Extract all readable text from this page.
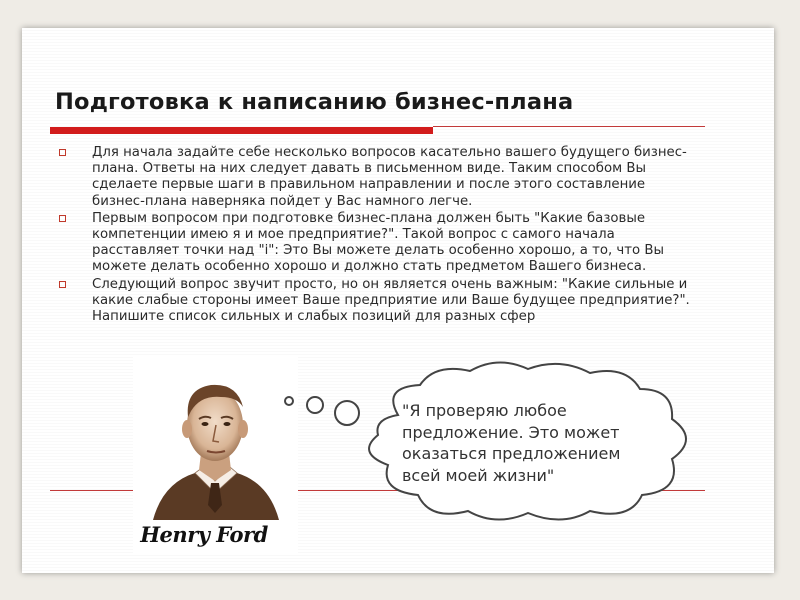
Подготовка к написанию бизнес-плана

Для начала задайте себе несколько вопросов касательно вашего будущего бизнес-плана. Ответы на них следует давать в письменном виде. Таким способом Вы сделаете первые шаги в правильном направлении и после этого составление бизнес-плана наверняка пойдет у Вас намного легче.

Первым вопросом при подготовке бизнес-плана должен быть "Какие базовые компетенции имею я и мое предприятие?". Такой вопрос с самого начала расставляет точки над "i": Это Вы можете делать особенно хорошо, а то, что Вы можете делать особенно хорошо и должно стать предметом Вашего бизнеса.

Следующий вопрос звучит просто, но он является очень важным: "Какие сильные и какие слабые стороны имеет Ваше предприятие или Ваше будущее предприятие?". Напишите список сильных и слабых позиций для разных сфер

Henry Ford

"Я проверяю любое предложение. Это может оказаться предложением всей моей жизни"
